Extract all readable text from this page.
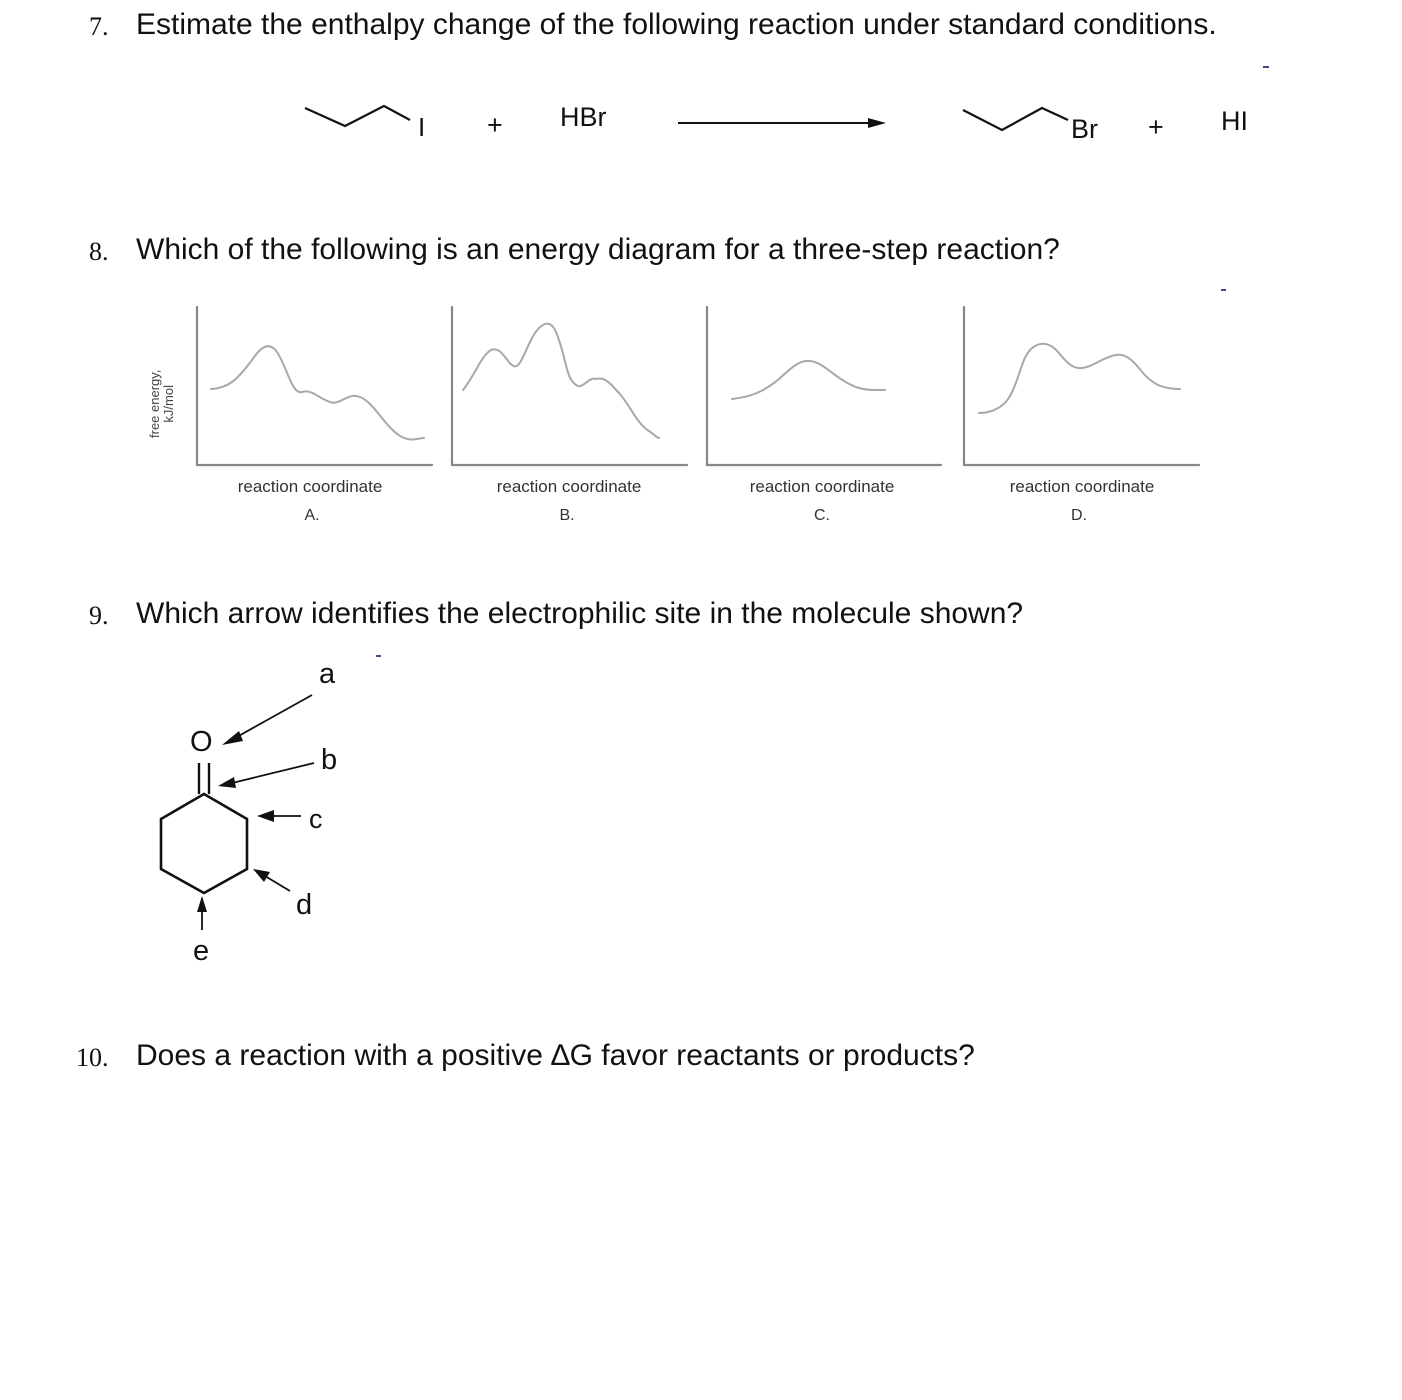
7. Estimate the enthalpy change of the following reaction under standard conditions.
I + HBr	Br + HI
8. Which of the following is an energy diagram for a three-step reaction?
free energy, kJ/mol
reaction coordinate
A.
reaction coordinate
B.
reaction coordinate
C.
reaction coordinate
D.
9. Which arrow identifies the electrophilic site in the molecule shown?
O
a
b
c
d
e
10. Does a reaction with a positive ∆G favor reactants or products?
